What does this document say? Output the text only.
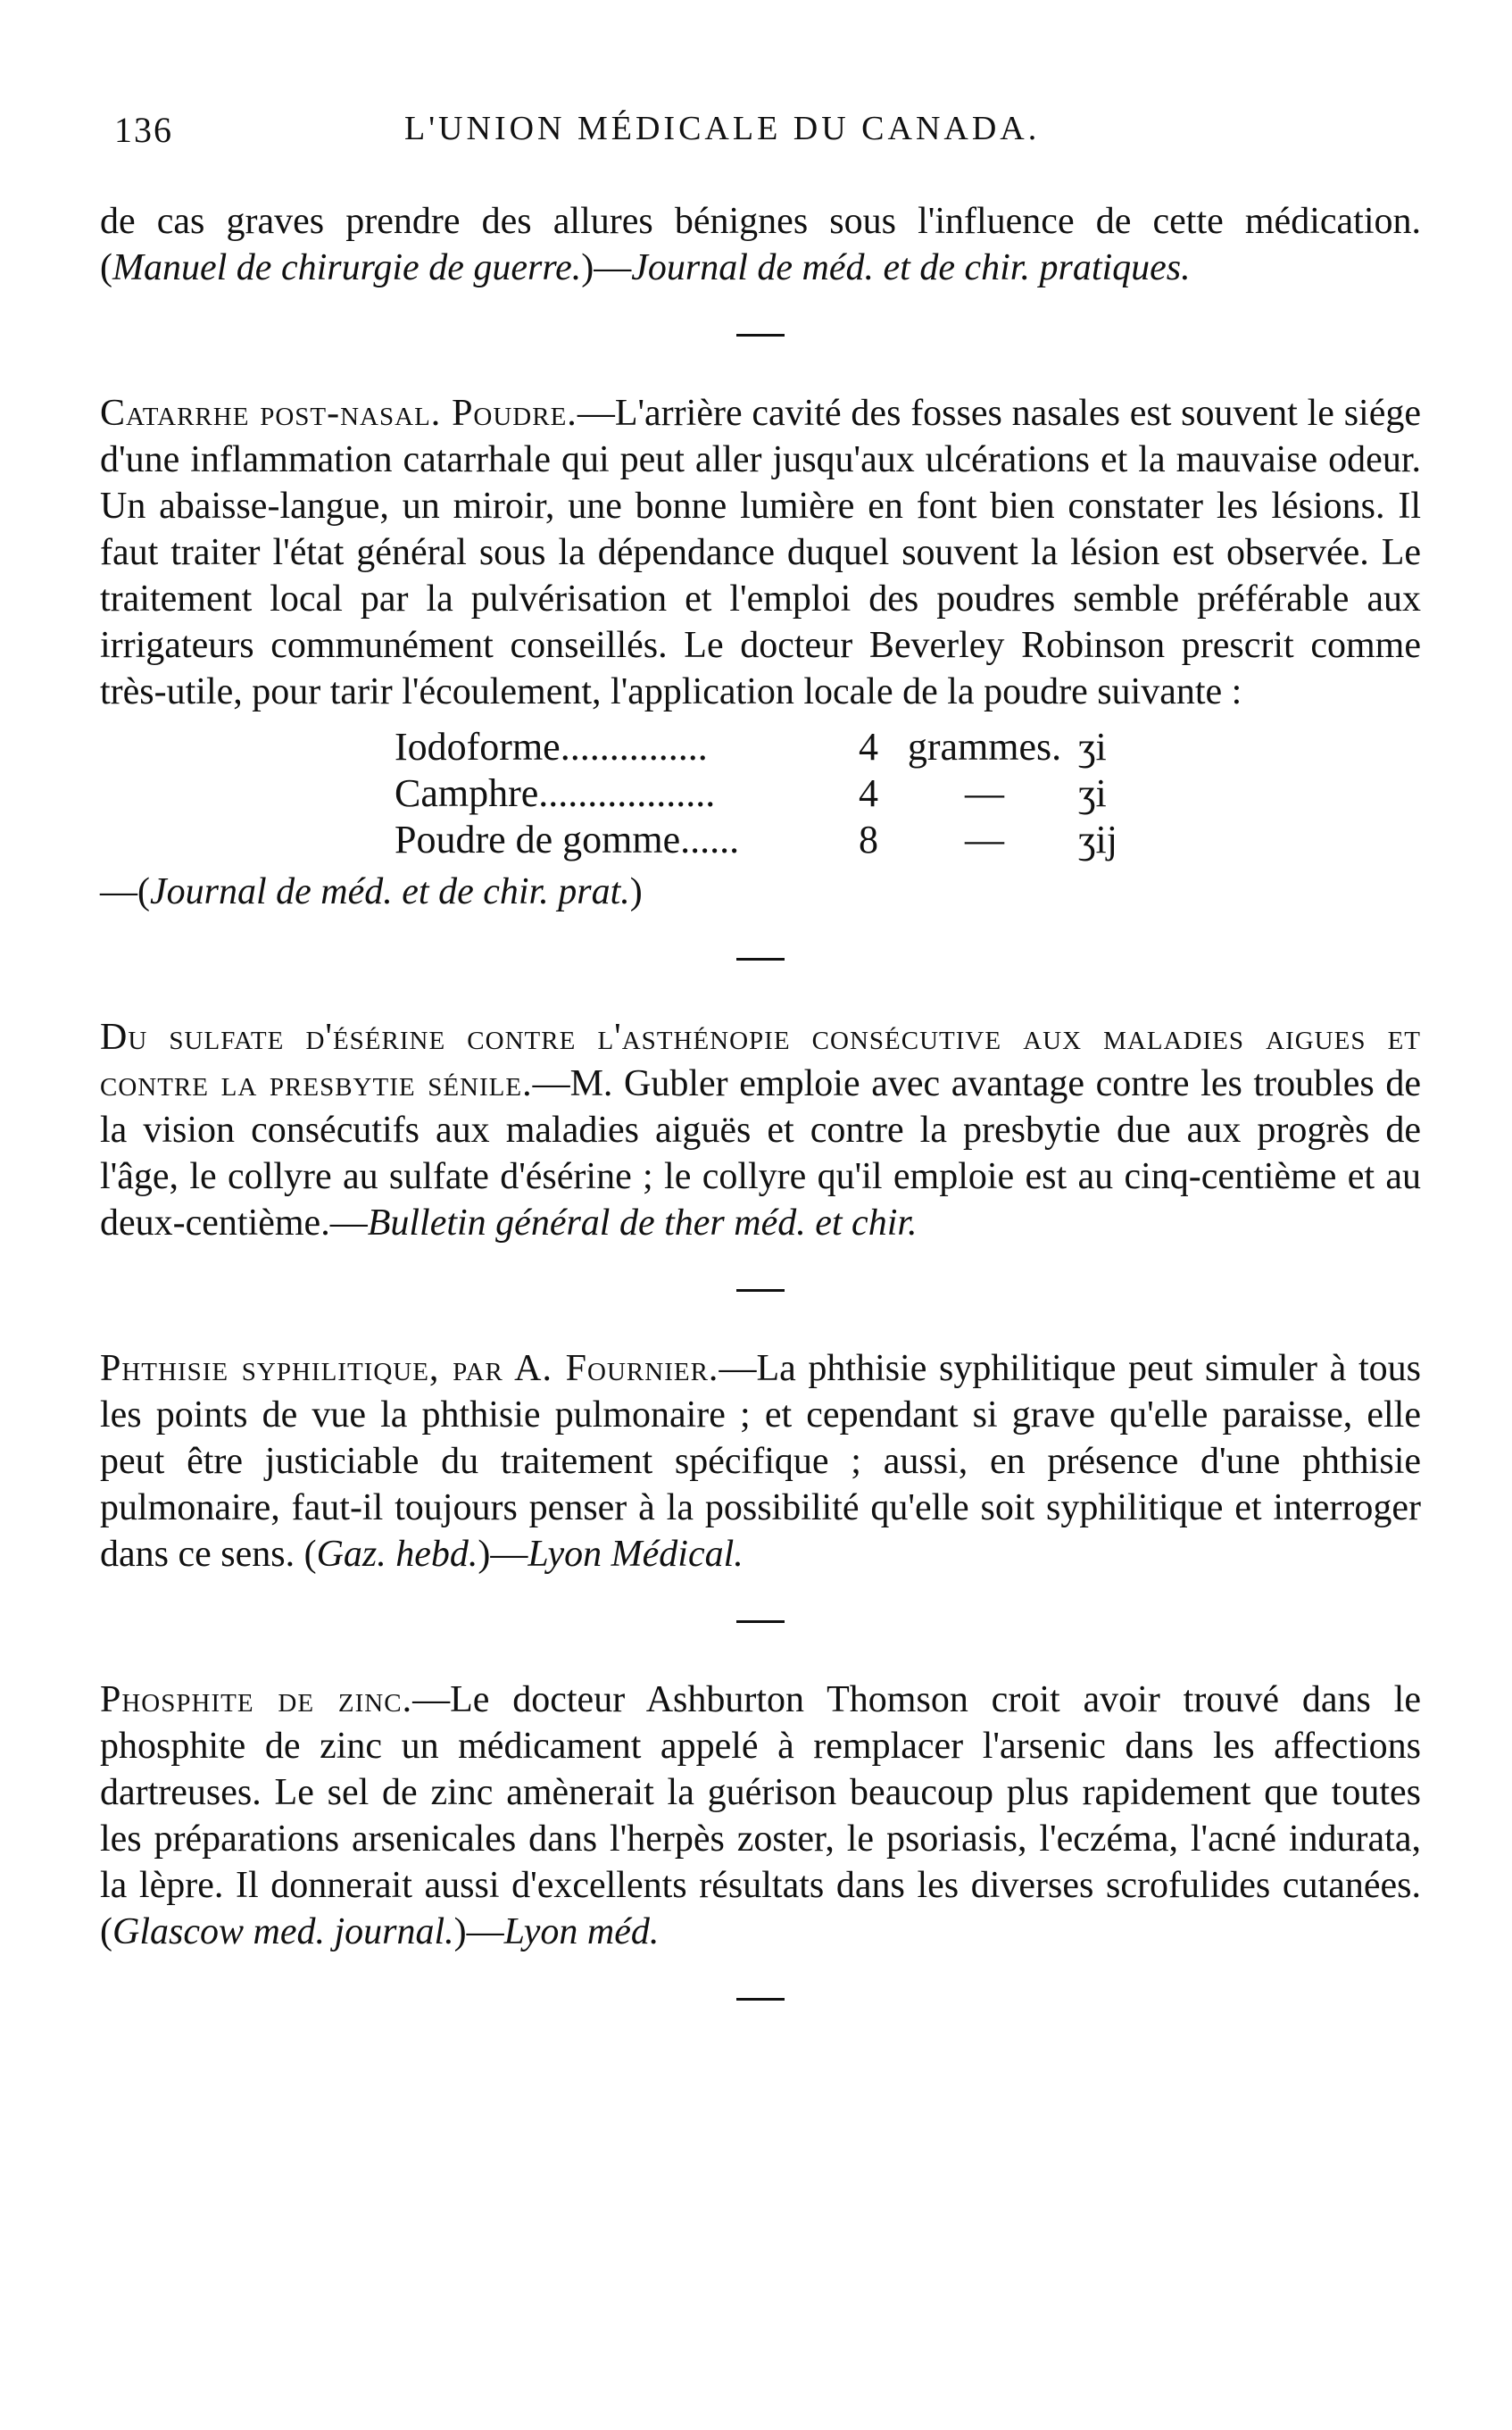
136	L'UNION MÉDICALE DU CANADA.

de cas graves prendre des allures bénignes sous l'influence de cette médication. (Manuel de chirurgie de guerre.)—Journal de méd. et de chir. pratiques.

Catarrhe post-nasal. Poudre.—L'arrière cavité des fosses nasales est souvent le siége d'une inflammation catarrhale qui peut aller jusqu'aux ulcérations et la mauvaise odeur. Un abaisse-langue, un miroir, une bonne lumière en font bien constater les lésions. Il faut traiter l'état général sous la dépendance duquel souvent la lésion est observée. Le traitement local par la pulvérisation et l'emploi des poudres semble préférable aux irrigateurs communément conseillés. Le docteur Beverley Robinson prescrit comme très-utile, pour tarir l'écoulement, l'application locale de la poudre suivante :

Iodoforme...............	4 grammes. ʒi
Camphre..................	4	—	ʒi
Poudre de gomme......	8	—	ʒij

—(Journal de méd. et de chir. prat.)

Du sulfate d'ésérine contre l'asthénopie consécutive aux maladies aigues et contre la presbytie sénile.—M. Gubler emploie avec avantage contre les troubles de la vision consécutifs aux maladies aiguës et contre la presbytie due aux progrès de l'âge, le collyre au sulfate d'ésérine ; le collyre qu'il emploie est au cinq-centième et au deux-centième.—Bulletin général de ther méd. et chir.

Phthisie syphilitique, par A. Fournier.—La phthisie syphilitique peut simuler à tous les points de vue la phthisie pulmonaire ; et cependant si grave qu'elle paraisse, elle peut être justiciable du traitement spécifique ; aussi, en présence d'une phthisie pulmonaire, faut-il toujours penser à la possibilité qu'elle soit syphilitique et interroger dans ce sens. (Gaz. hebd.)—Lyon Médical.

Phosphite de zinc.—Le docteur Ashburton Thomson croit avoir trouvé dans le phosphite de zinc un médicament appelé à remplacer l'arsenic dans les affections dartreuses. Le sel de zinc amènerait la guérison beaucoup plus rapidement que toutes les préparations arsenicales dans l'herpès zoster, le psoriasis, l'eczéma, l'acné indurata, la lèpre. Il donnerait aussi d'excellents résultats dans les diverses scrofulides cutanées. (Glascow med. journal.)—Lyon méd.
